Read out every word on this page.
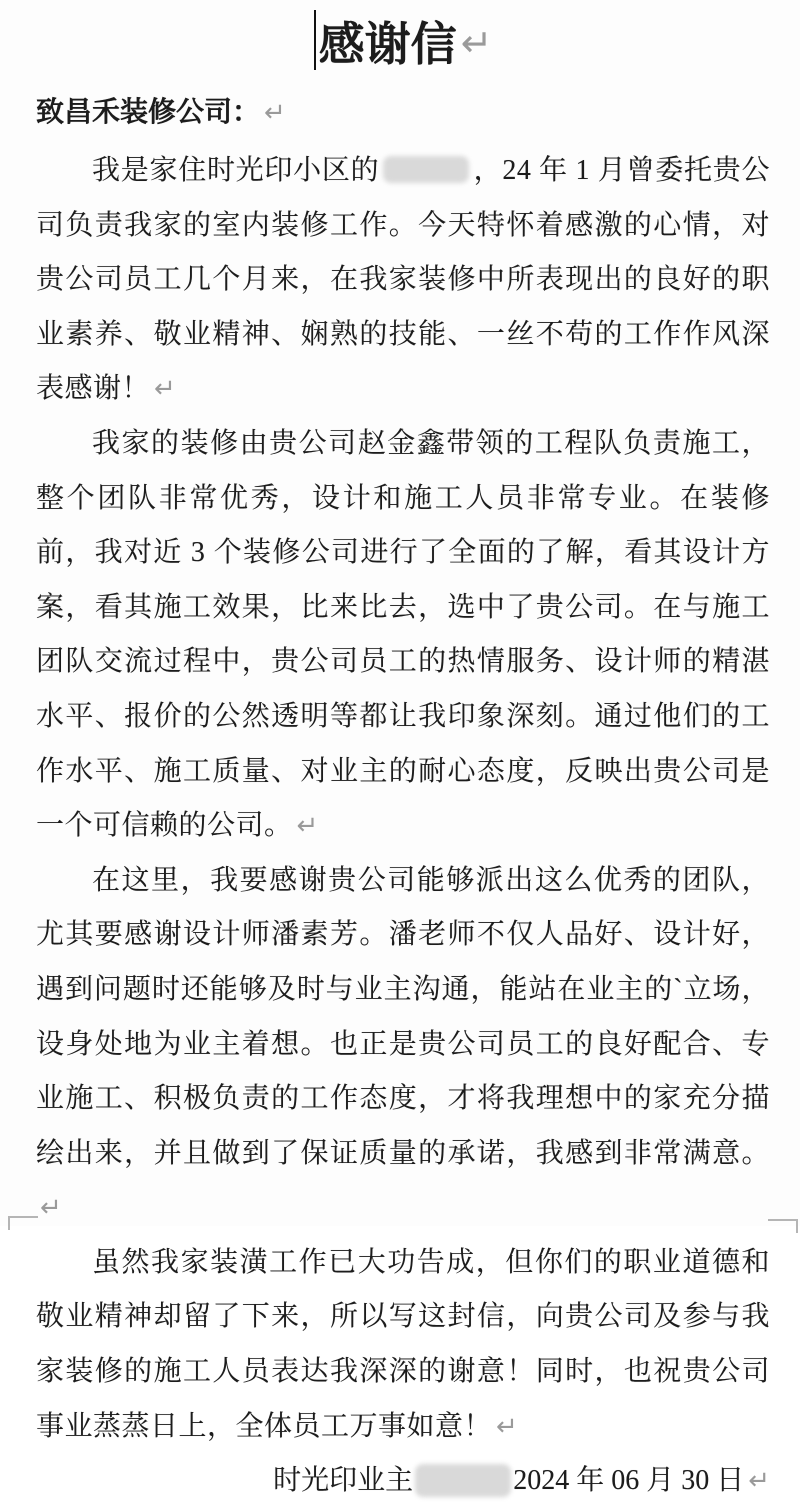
感谢信 ↵
致昌禾装修公司： ↵

我是家住时光印小区的	，24 年 1 月曾委托贵公司负责我家的室内装修工作。今天特怀着感激的心情，对贵公司员工几个月来，在我家装修中所表现出的良好的职业素养、敬业精神、娴熟的技能、一丝不苟的工作作风深表感谢！ ↵

我家的装修由贵公司赵金鑫带领的工程队负责施工，整个团队非常优秀，设计和施工人员非常专业。在装修前，我对近 3 个装修公司进行了全面的了解，看其设计方案，看其施工效果，比来比去，选中了贵公司。在与施工团队交流过程中，贵公司员工的热情服务、设计师的精湛水平、报价的公然透明等都让我印象深刻。通过他们的工作水平、施工质量、对业主的耐心态度，反映出贵公司是一个可信赖的公司。 ↵

在这里，我要感谢贵公司能够派出这么优秀的团队，尤其要感谢设计师潘素芳。潘老师不仅人品好、设计好，遇到问题时还能够及时与业主沟通，能站在业主的`立场，设身处地为业主着想。也正是贵公司员工的良好配合、专业施工、积极负责的工作态度，才将我理想中的家充分描绘出来，并且做到了保证质量的承诺，我感到非常满意。↵

虽然我家装潢工作已大功告成，但你们的职业道德和敬业精神却留了下来，所以写这封信，向贵公司及参与我家装修的施工人员表达我深深的谢意！同时，也祝贵公司事业蒸蒸日上，全体员工万事如意！ ↵

时光印业主	2024 年 06 月 30 日 ↵
